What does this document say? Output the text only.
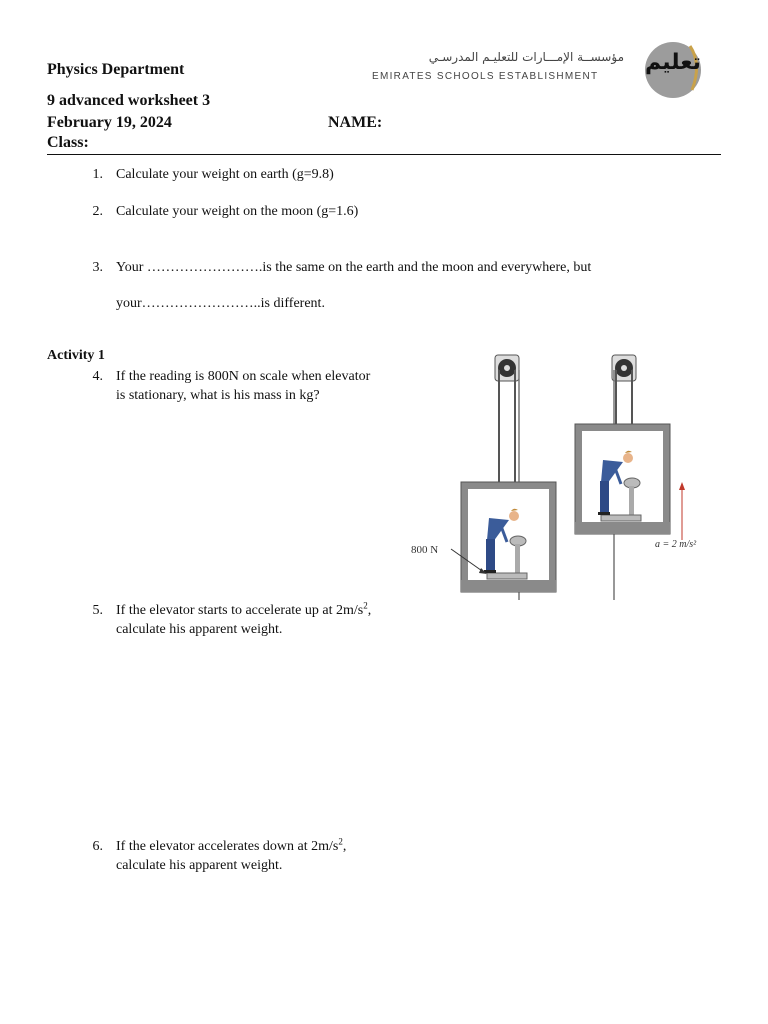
Physics Department
9 advanced worksheet 3
February 19, 2024	NAME:
Class:
مؤسســة الإمـــارات للتعليـم المدرسـي
EMIRATES SCHOOLS ESTABLISHMENT
تعليم
1. Calculate your weight on earth (g=9.8)
2. Calculate your weight on the moon (g=1.6)
3. Your …………………….is the same on the earth and the moon and everywhere, but
your……………………..is different.
Activity 1
4. If the reading is 800N on scale when elevator
is stationary, what is his mass in kg?
5. If the elevator starts to accelerate up at $2m/s^2$,
calculate his apparent weight.
6. If the elevator accelerates down at $2m/s^2$,
calculate his apparent weight.
800 N	a = 2 m/s²
